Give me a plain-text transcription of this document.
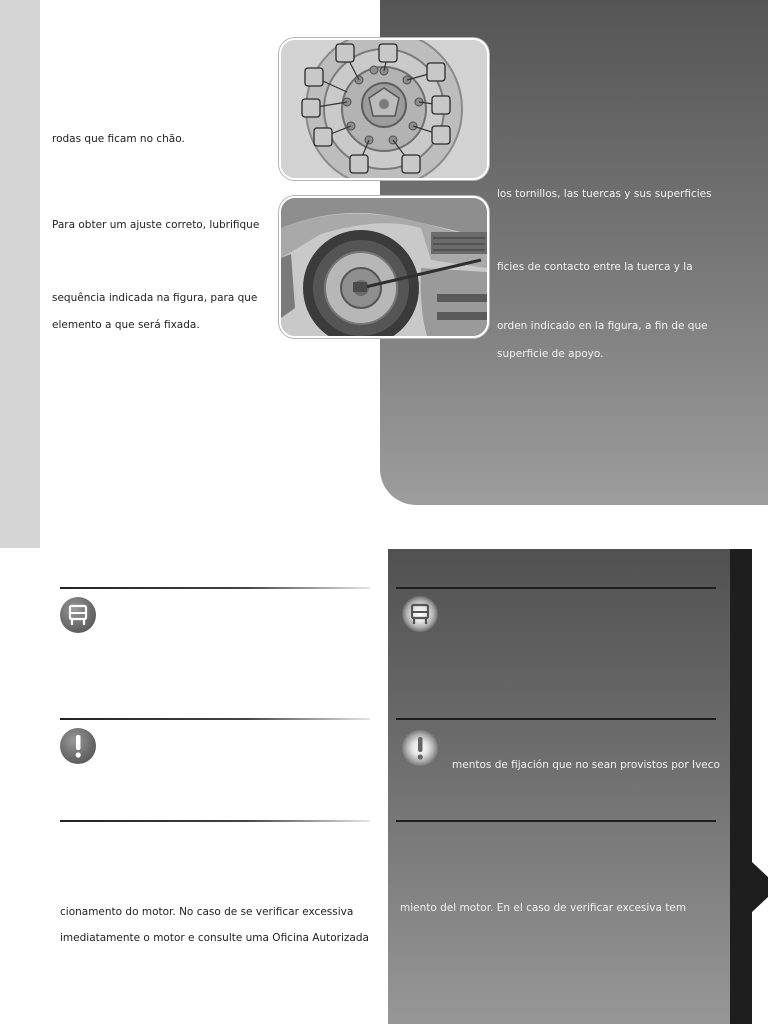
rodas que ficam no chão.
Para obter um ajuste correto, lubrifique
sequência indicada na figura, para que
elemento a que será fixada.
los tornillos, las tuercas y sus superficies
ficies de contacto entre la tuerca y la
orden indicado en la figura, a fin de que
superficie de apoyo.
mentos de fijación que no sean provistos por Iveco
cionamento do motor. No caso de se verificar excessiva
imediatamente o motor e consulte uma Oficina Autorizada
miento del motor. En el caso de verificar excesiva tem
